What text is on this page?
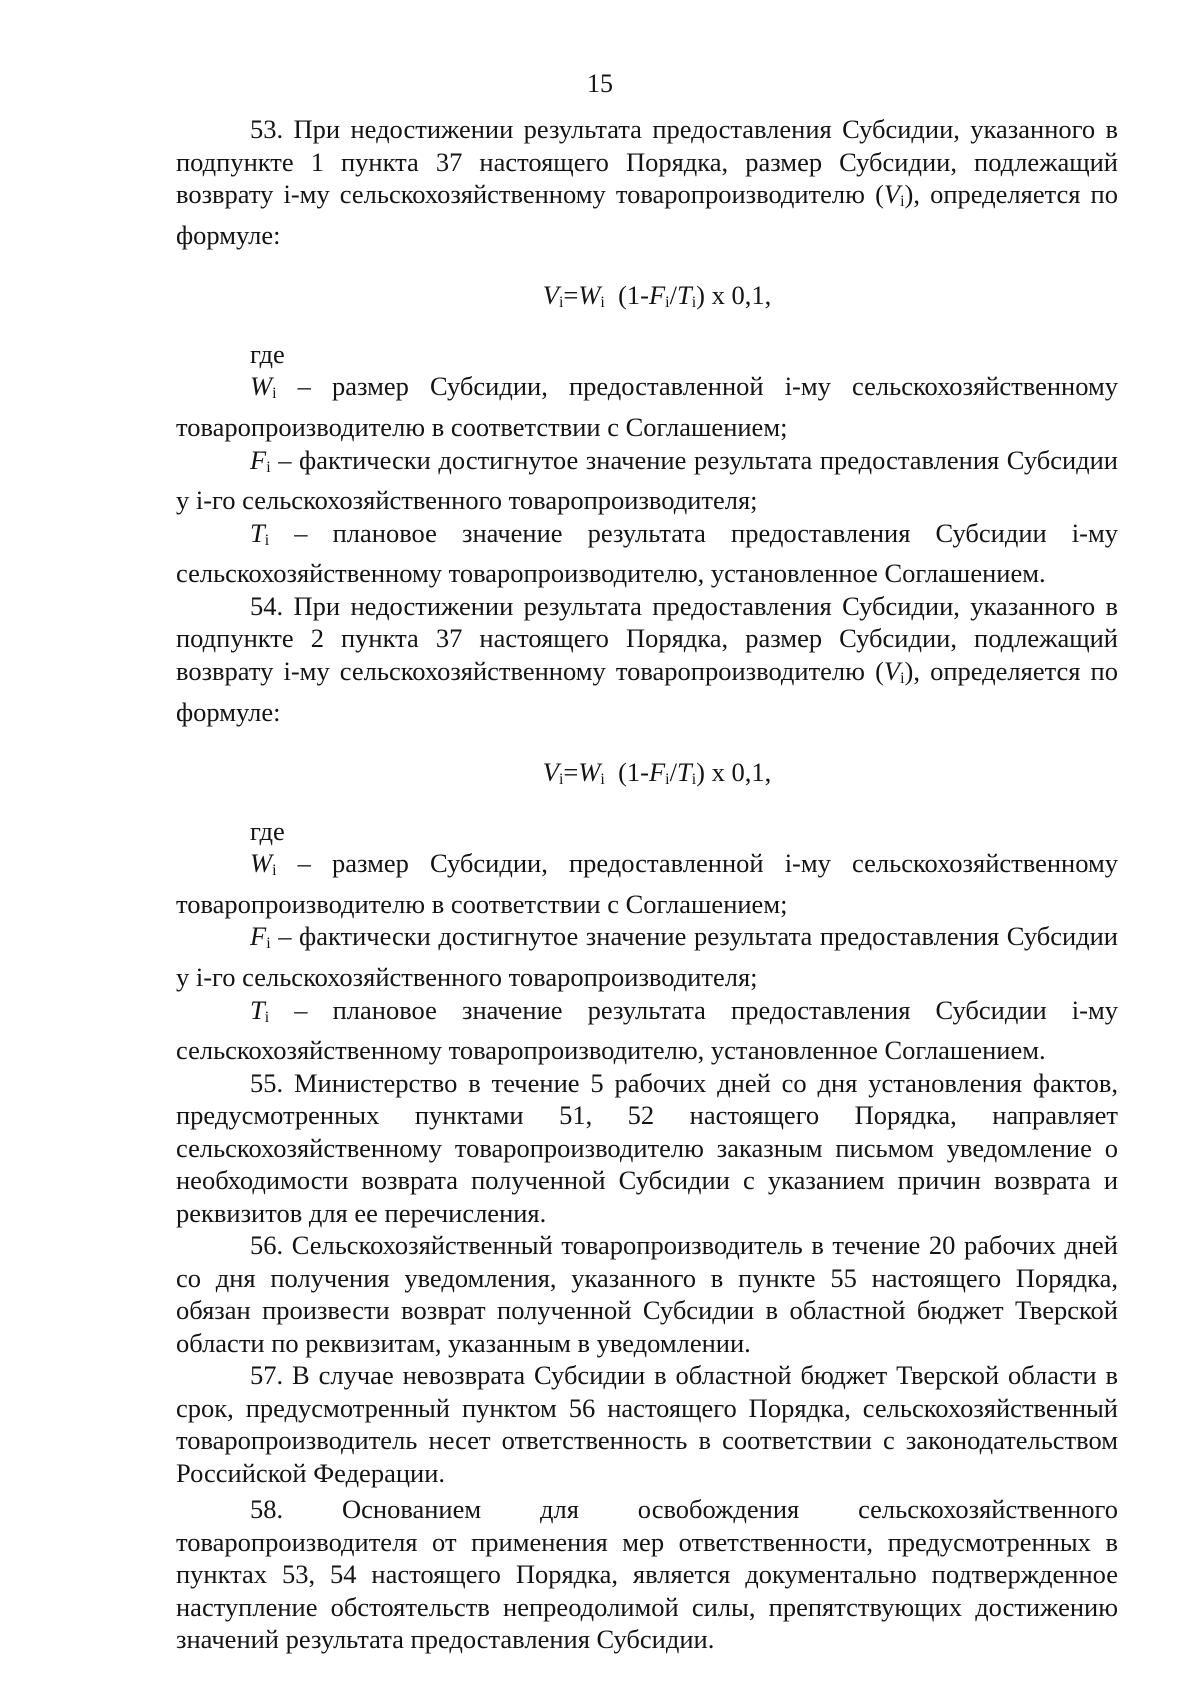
15

53. При недостижении результата предоставления Субсидии, указанного в подпункте 1 пункта 37 настоящего Порядка, размер Субсидии, подлежащий возврату i-му сельскохозяйственному товаропроизводителю $(V_i)$, определяется по формуле:

$V_i=W_i$  $(1-F_i/T_i)$ x 0,1,

где

$W_i$ – размер Субсидии, предоставленной i-му сельскохозяйственному товаропроизводителю в соответствии с Соглашением;

$F_i$ – фактически достигнутое значение результата предоставления Субсидии у i-го сельскохозяйственного товаропроизводителя;

$T_i$ – плановое значение результата предоставления Субсидии i-му сельскохозяйственному товаропроизводителю, установленное Соглашением.

54. При недостижении результата предоставления Субсидии, указанного в подпункте 2 пункта 37 настоящего Порядка, размер Субсидии, подлежащий возврату i-му сельскохозяйственному товаропроизводителю $(V_i)$, определяется по формуле:

$V_i=W_i$  $(1-F_i/T_i)$ x 0,1,

где

$W_i$ – размер Субсидии, предоставленной i-му сельскохозяйственному товаропроизводителю в соответствии с Соглашением;

$F_i$ – фактически достигнутое значение результата предоставления Субсидии у i-го сельскохозяйственного товаропроизводителя;

$T_i$ – плановое значение результата предоставления Субсидии i-му сельскохозяйственному товаропроизводителю, установленное Соглашением.

55. Министерство в течение 5 рабочих дней со дня установления фактов, предусмотренных пунктами 51, 52 настоящего Порядка, направляет сельскохозяйственному товаропроизводителю заказным письмом уведомление о необходимости возврата полученной Субсидии с указанием причин возврата и реквизитов для ее перечисления.

56. Сельскохозяйственный товаропроизводитель в течение 20 рабочих дней со дня получения уведомления, указанного в пункте 55 настоящего Порядка, обязан произвести возврат полученной Субсидии в областной бюджет Тверской области по реквизитам, указанным в уведомлении.

57. В случае невозврата Субсидии в областной бюджет Тверской области в срок, предусмотренный пунктом 56 настоящего Порядка, сельскохозяйственный товаропроизводитель несет ответственность в соответствии с законодательством Российской Федерации.

58. Основанием для освобождения сельскохозяйственного товаропроизводителя от применения мер ответственности, предусмотренных в пунктах 53, 54 настоящего Порядка, является документально подтвержденное наступление обстоятельств непреодолимой силы, препятствующих достижению значений результата предоставления Субсидии.
